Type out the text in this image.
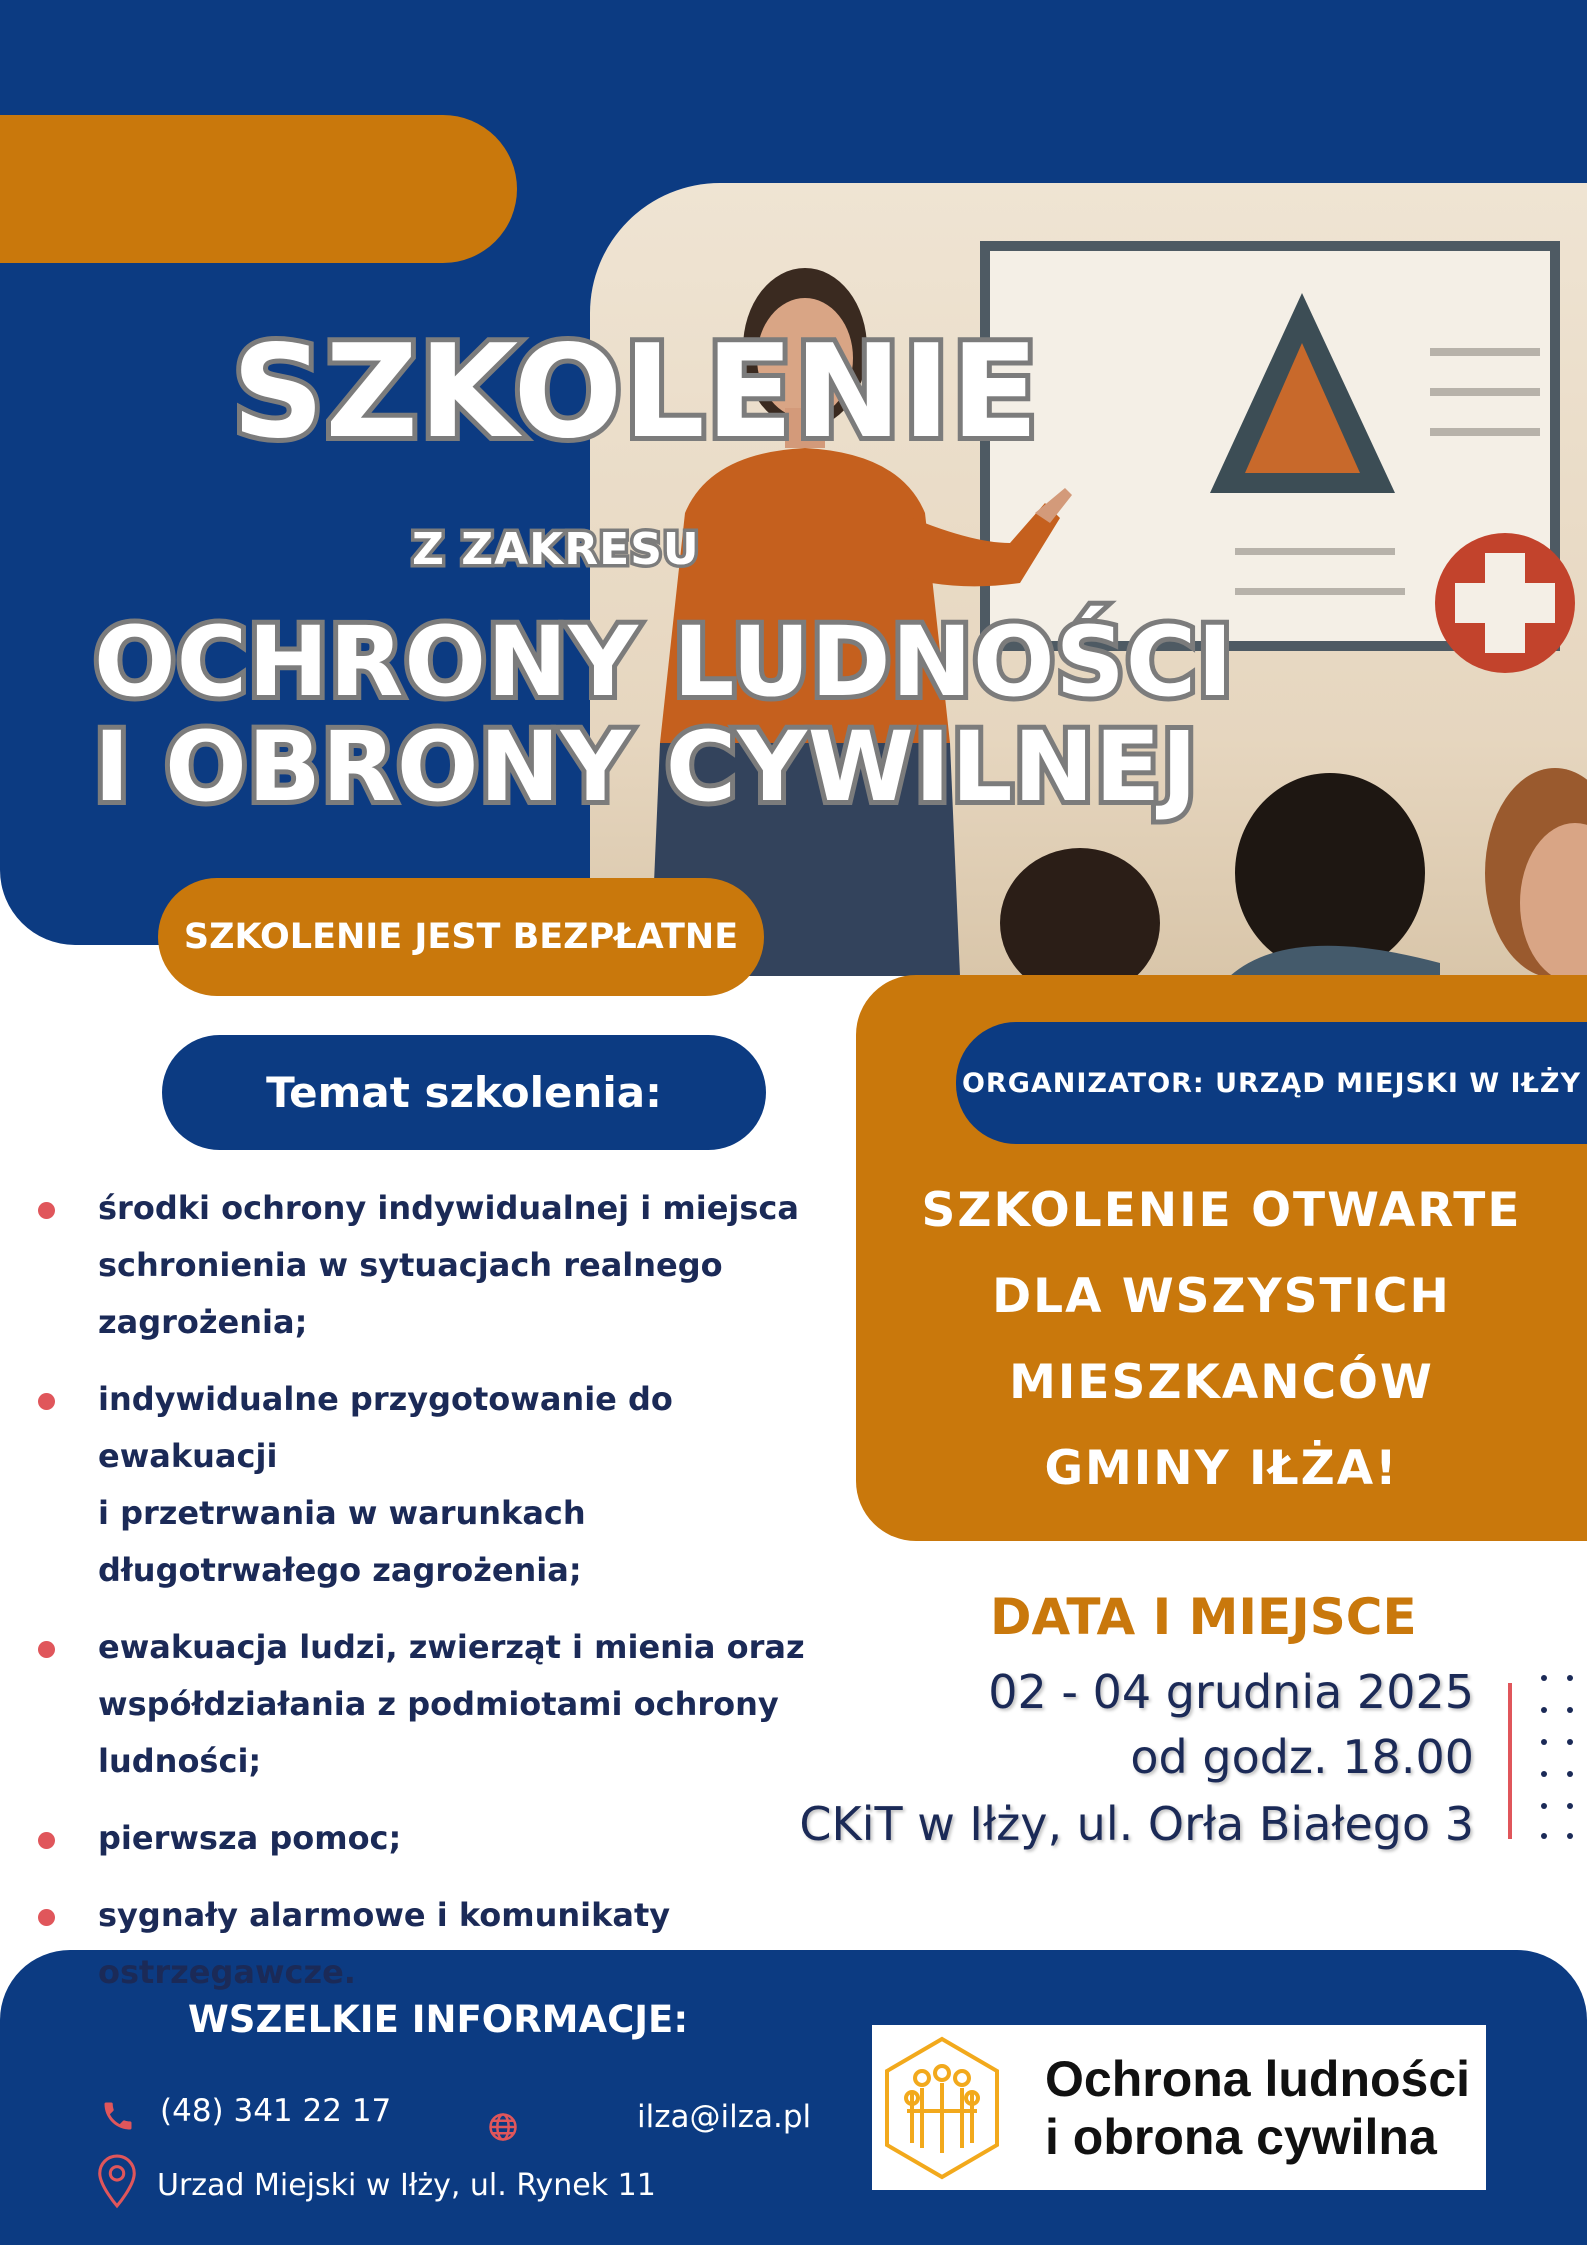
SZKOLENIE
Z ZAKRESU
OCHRONY LUDNOŚCI
I OBRONY CYWILNEJ
SZKOLENIE JEST BEZPŁATNE
Temat szkolenia:
środki ochrony indywidualnej i miejsca
schronienia w sytuacjach realnego
zagrożenia;
indywidualne przygotowanie do ewakuacji
i przetrwania w warunkach
długotrwałego zagrożenia;
ewakuacja ludzi, zwierząt i mienia oraz
współdziałania z podmiotami ochrony
ludności;
pierwsza pomoc;
sygnały alarmowe i komunikaty
ostrzegawcze.
ORGANIZATOR: URZĄD MIEJSKI W IŁŻY
SZKOLENIE OTWARTE
DLA WSZYSTICH
MIESZKANCÓW
GMINY IŁŻA!
DATA I MIEJSCE
02 - 04 grudnia 2025
od godz. 18.00
CKiT w Iłży, ul. Orła Białego 3
WSZELKIE INFORMACJE:
(48) 341 22 17	ilza@ilza.pl
Urzad Miejski w Iłży, ul. Rynek 11
Ochrona ludności
i obrona cywilna
